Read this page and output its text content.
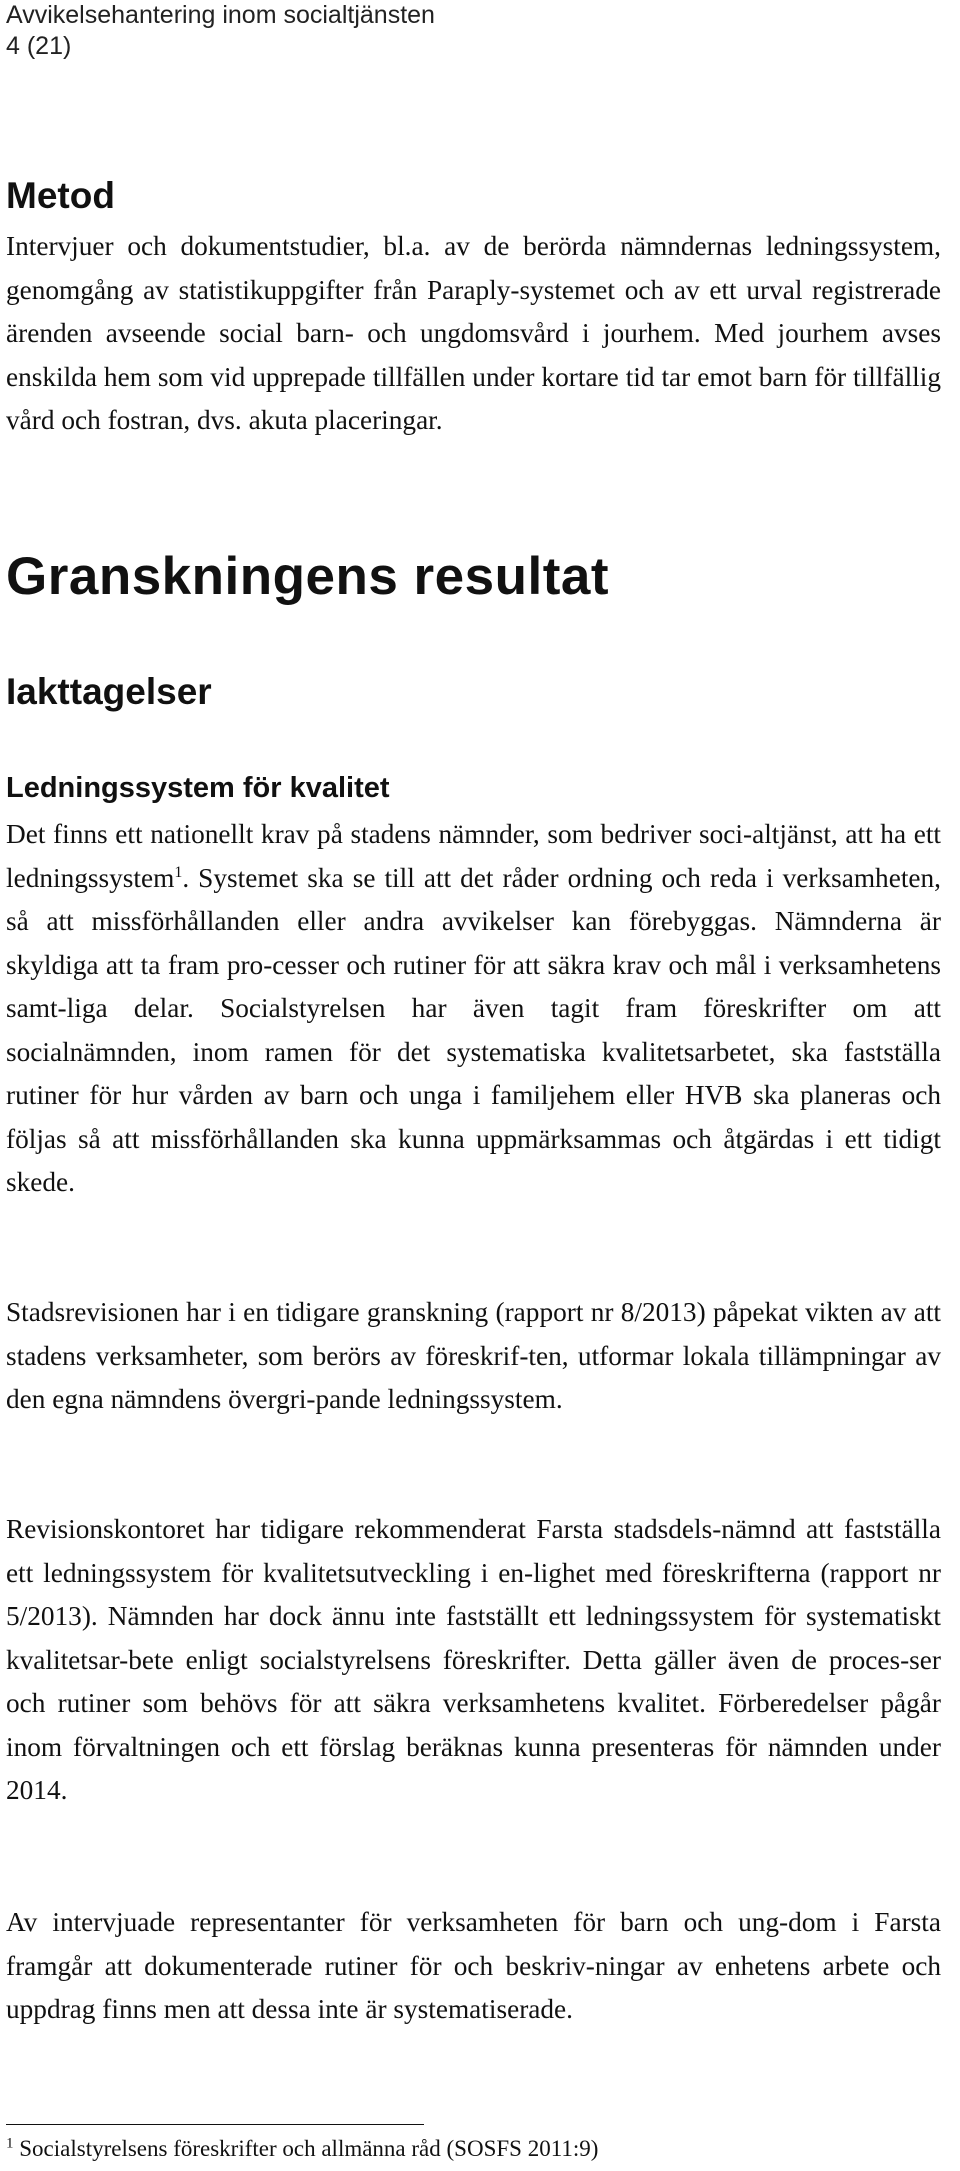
Avvikelsehantering inom socialtjänsten

4 (21)

Metod

Intervjuer och dokumentstudier, bl.a. av de berörda nämndernas ledningssystem, genomgång av statistikuppgifter från Paraply-systemet och av ett urval registrerade ärenden avseende social barn- och ungdomsvård i jourhem. Med jourhem avses enskilda hem som vid upprepade tillfällen under kortare tid tar emot barn för tillfällig vård och fostran, dvs. akuta placeringar.

Granskningens resultat
Iakttagelser
Ledningssystem för kvalitet

Det finns ett nationellt krav på stadens nämnder, som bedriver soci-altjänst, att ha ett ledningssystem$^1$. Systemet ska se till att det råder ordning och reda i verksamheten, så att missförhållanden eller andra avvikelser kan förebyggas. Nämnderna är skyldiga att ta fram pro-cesser och rutiner för att säkra krav och mål i verksamhetens samt-liga delar. Socialstyrelsen har även tagit fram föreskrifter om att socialnämnden, inom ramen för det systematiska kvalitetsarbetet, ska fastställa rutiner för hur vården av barn och unga i familjehem eller HVB ska planeras och följas så att missförhållanden ska kunna uppmärksammas och åtgärdas i ett tidigt skede.

Stadsrevisionen har i en tidigare granskning (rapport nr 8/2013) påpekat vikten av att stadens verksamheter, som berörs av föreskrif-ten, utformar lokala tillämpningar av den egna nämndens övergri-pande ledningssystem.

Revisionskontoret har tidigare rekommenderat Farsta stadsdels-nämnd att fastställa ett ledningssystem för kvalitetsutveckling i en-lighet med föreskrifterna (rapport nr 5/2013). Nämnden har dock ännu inte fastställt ett ledningssystem för systematiskt kvalitetsar-bete enligt socialstyrelsens föreskrifter. Detta gäller även de proces-ser och rutiner som behövs för att säkra verksamhetens kvalitet. Förberedelser pågår inom förvaltningen och ett förslag beräknas kunna presenteras för nämnden under 2014.

Av intervjuade representanter för verksamheten för barn och ung-dom i Farsta framgår att dokumenterade rutiner för och beskriv-ningar av enhetens arbete och uppdrag finns men att dessa inte är systematiserade.

$^1$ Socialstyrelsens föreskrifter och allmänna råd (SOSFS 2011:9)
